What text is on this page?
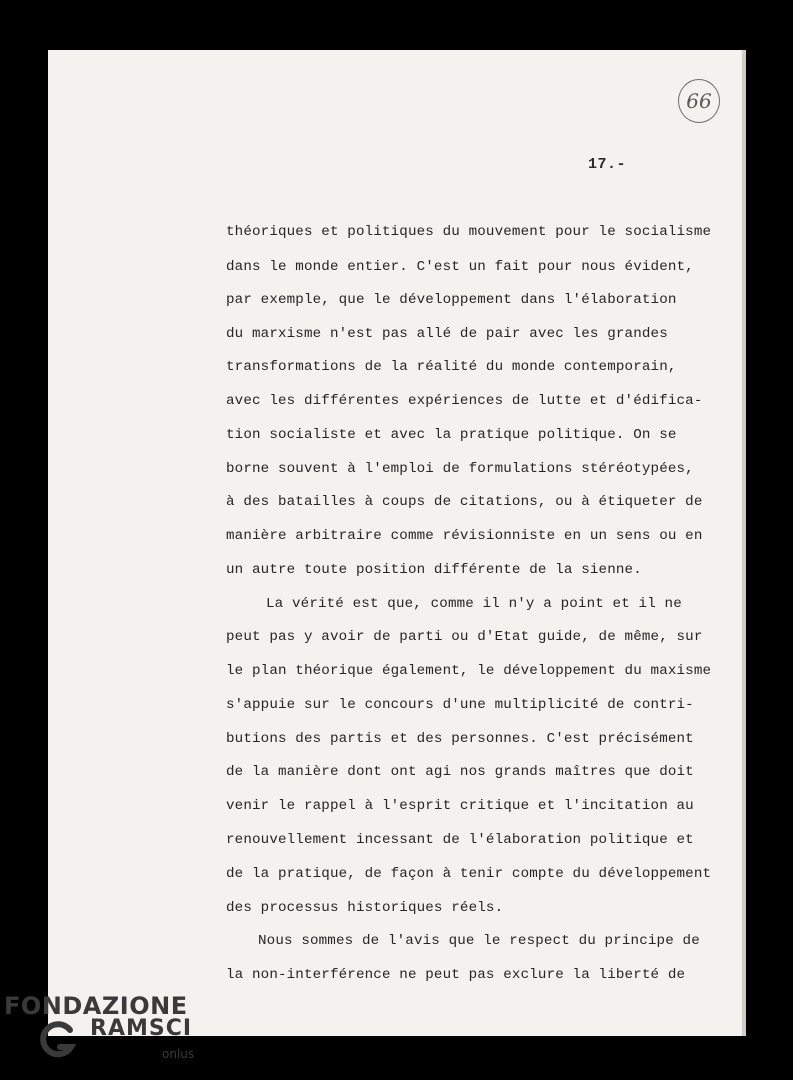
66
17.-
théoriques et politiques du mouvement pour le socialisme
dans le monde entier. C'est un fait pour nous évident,
par exemple, que le développement dans l'élaboration
du marxisme n'est pas allé de pair avec les grandes
transformations de la réalité du monde contemporain,
avec les différentes expériences de lutte et d'édifica-
tion socialiste et avec la pratique politique. On se
borne souvent à l'emploi de formulations stéréotypées,
à des batailles à coups de citations, ou à étiqueter de
manière arbitraire comme révisionniste en un sens ou en
un autre toute position différente de la sienne.
La vérité est que, comme il n'y a point et il ne
peut pas y avoir de parti ou d'Etat guide, de même, sur
le plan théorique également, le développement du maxisme
s'appuie sur le concours d'une multiplicité de contri-
butions des partis et des personnes. C'est précisément
de la manière dont ont agi nos grands maîtres que doit
venir le rappel à l'esprit critique et l'incitation au
renouvellement incessant de l'élaboration politique et
de la pratique, de façon à tenir compte du développement
des processus historiques réels.
Nous sommes de l'avis que le respect du principe de
la non-interférence ne peut pas exclure la liberté de
FONDAZIONE
RAMSCI
onlus
